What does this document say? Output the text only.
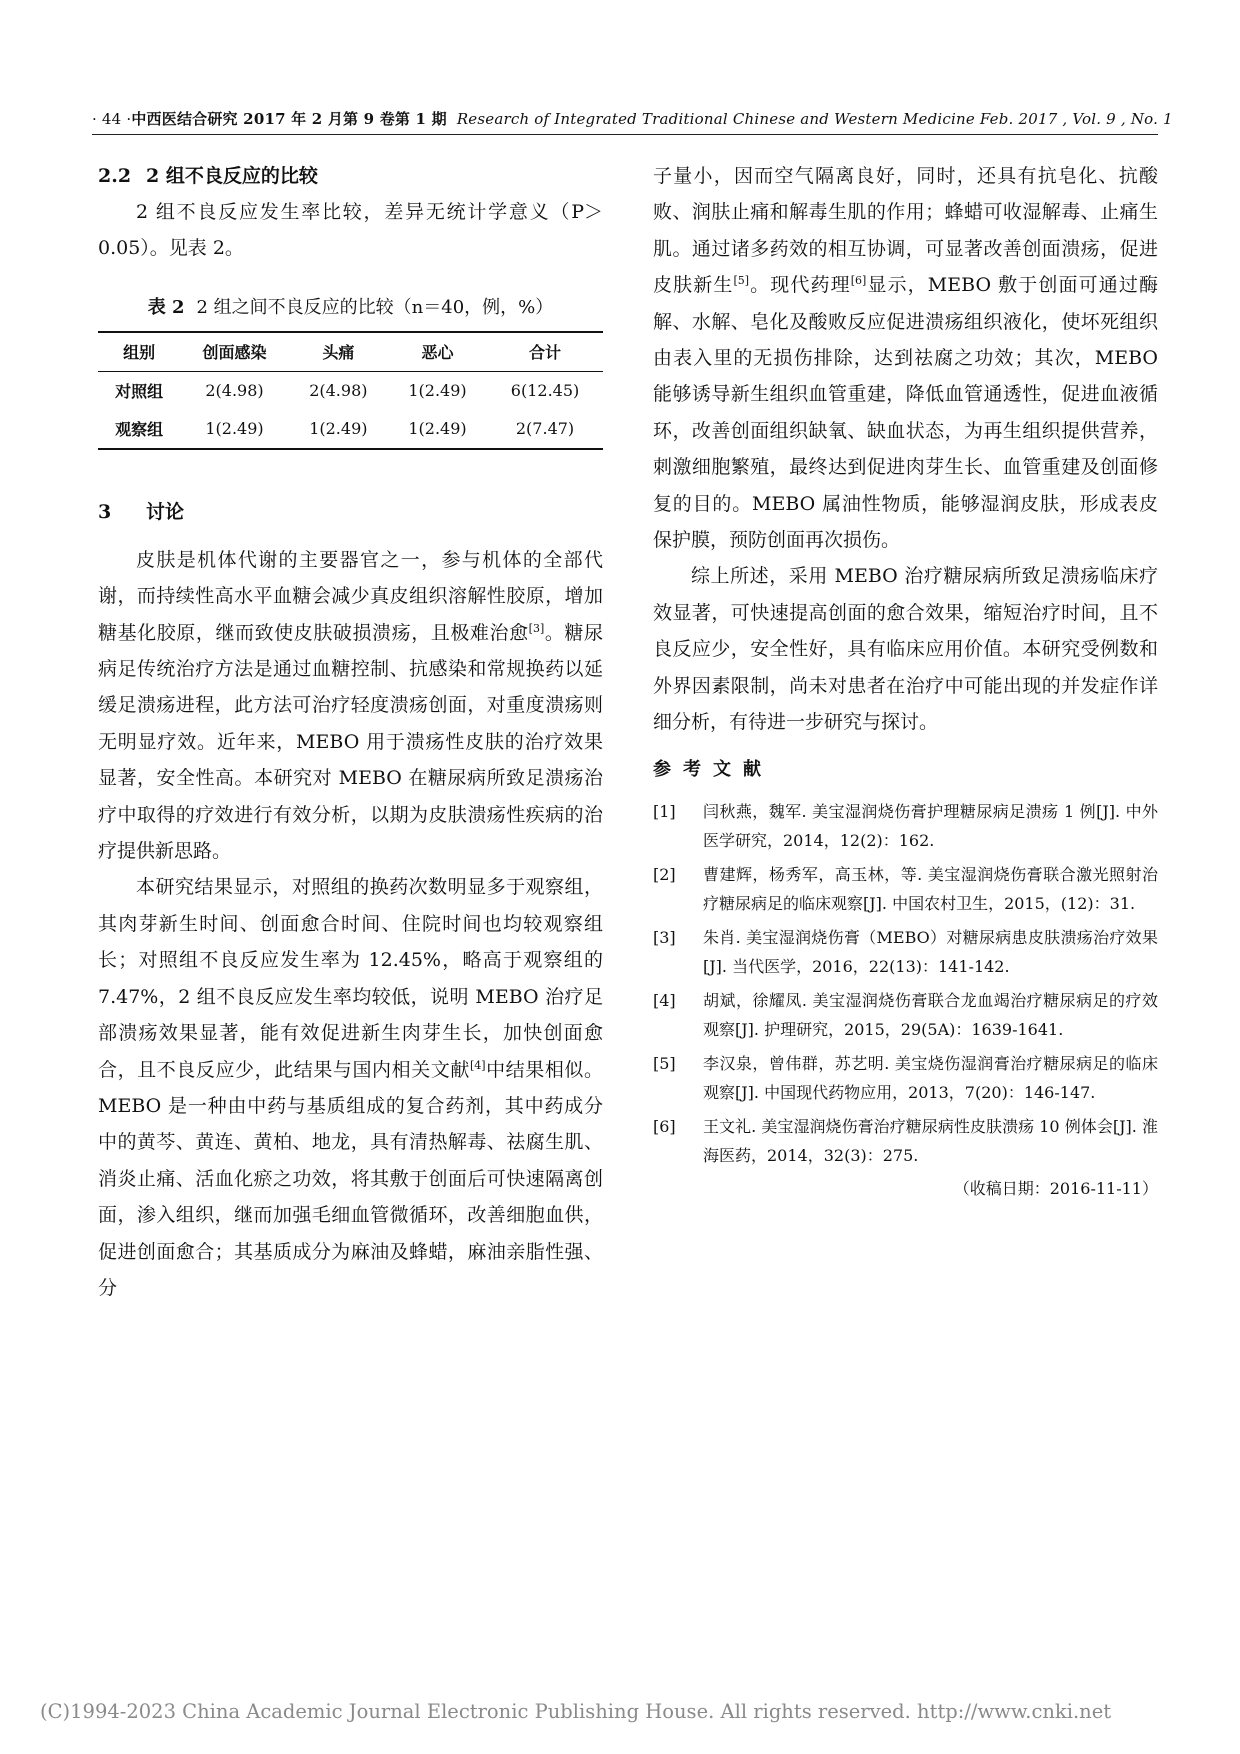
· 44 · 中西医结合研究 2017 年 2 月第 9 卷第 1 期 Research of Integrated Traditional Chinese and Western Medicine Feb. 2017 , Vol. 9 , No. 1
2.2 2 组不良反应的比较

2 组不良反应发生率比较，差异无统计学意义（P＞0.05）。见表 2。

表 2 2 组之间不良反应的比较（n＝40，例，%）
组别	创面感染	头痛	恶心	合计
对照组	2(4.98)	2(4.98)	1(2.49)	6(12.45)
观察组	1(2.49)	1(2.49)	1(2.49)	2(7.47)
3 讨论

皮肤是机体代谢的主要器官之一，参与机体的全部代谢，而持续性高水平血糖会减少真皮组织溶解性胶原，增加糖基化胶原，继而致使皮肤破损溃疡，且极难治愈[3]。糖尿病足传统治疗方法是通过血糖控制、抗感染和常规换药以延缓足溃疡进程，此方法可治疗轻度溃疡创面，对重度溃疡则无明显疗效。近年来，MEBO 用于溃疡性皮肤的治疗效果显著，安全性高。本研究对 MEBO 在糖尿病所致足溃疡治疗中取得的疗效进行有效分析，以期为皮肤溃疡性疾病的治疗提供新思路。

本研究结果显示，对照组的换药次数明显多于观察组，其肉芽新生时间、创面愈合时间、住院时间也均较观察组长；对照组不良反应发生率为 12.45%，略高于观察组的 7.47%，2 组不良反应发生率均较低，说明 MEBO 治疗足部溃疡效果显著，能有效促进新生肉芽生长，加快创面愈合，且不良反应少，此结果与国内相关文献[4]中结果相似。MEBO 是一种由中药与基质组成的复合药剂，其中药成分中的黄芩、黄连、黄柏、地龙，具有清热解毒、祛腐生肌、消炎止痛、活血化瘀之功效，将其敷于创面后可快速隔离创面，渗入组织，继而加强毛细血管微循环，改善细胞血供，促进创面愈合；其基质成分为麻油及蜂蜡，麻油亲脂性强、分

子量小，因而空气隔离良好，同时，还具有抗皂化、抗酸败、润肤止痛和解毒生肌的作用；蜂蜡可收湿解毒、止痛生肌。通过诸多药效的相互协调，可显著改善创面溃疡，促进皮肤新生[5]。现代药理[6]显示，MEBO 敷于创面可通过酶解、水解、皂化及酸败反应促进溃疡组织液化，使坏死组织由表入里的无损伤排除，达到祛腐之功效；其次，MEBO 能够诱导新生组织血管重建，降低血管通透性，促进血液循环，改善创面组织缺氧、缺血状态，为再生组织提供营养，刺激细胞繁殖，最终达到促进肉芽生长、血管重建及创面修复的目的。MEBO 属油性物质，能够湿润皮肤，形成表皮保护膜，预防创面再次损伤。

综上所述，采用 MEBO 治疗糖尿病所致足溃疡临床疗效显著，可快速提高创面的愈合效果，缩短治疗时间，且不良反应少，安全性好，具有临床应用价值。本研究受例数和外界因素限制，尚未对患者在治疗中可能出现的并发症作详细分析，有待进一步研究与探讨。

参考文献
[1]	闫秋燕，魏军. 美宝湿润烧伤膏护理糖尿病足溃疡 1 例[J]. 中外医学研究，2014，12(2)：162.
[2]	曹建辉，杨秀军，高玉林，等. 美宝湿润烧伤膏联合激光照射治疗糖尿病足的临床观察[J]. 中国农村卫生，2015，(12)：31.
[3]	朱肖. 美宝湿润烧伤膏（MEBO）对糖尿病患皮肤溃疡治疗效果[J]. 当代医学，2016，22(13)：141-142.
[4]	胡斌，徐耀凤. 美宝湿润烧伤膏联合龙血竭治疗糖尿病足的疗效观察[J]. 护理研究，2015，29(5A)：1639-1641.
[5]	李汉泉，曾伟群，苏艺明. 美宝烧伤湿润膏治疗糖尿病足的临床观察[J]. 中国现代药物应用，2013，7(20)：146-147.
[6]	王文礼. 美宝湿润烧伤膏治疗糖尿病性皮肤溃疡 10 例体会[J]. 淮海医药，2014，32(3)：275.
（收稿日期：2016-11-11）
(C)1994-2023 China Academic Journal Electronic Publishing House. All rights reserved. http://www.cnki.net
